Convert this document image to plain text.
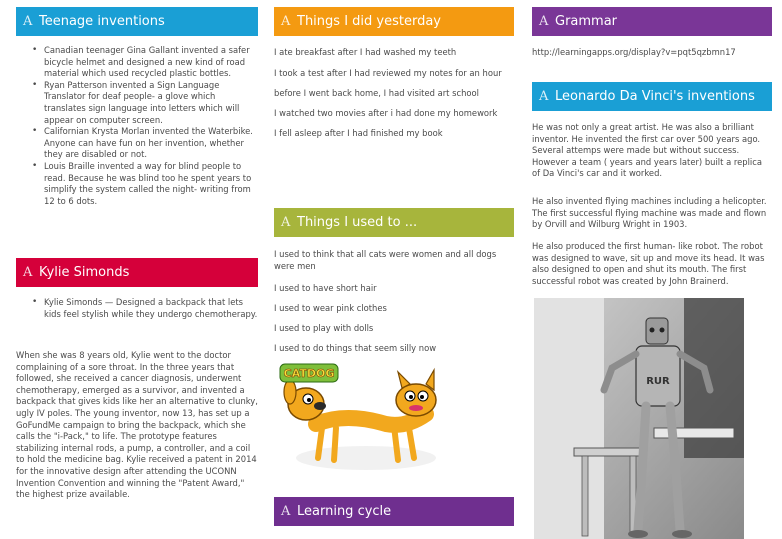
A Teenage inventions
• Canadian teenager Gina Gallant invented a safer bicycle helmet and designed a new kind of road material which used recycled plastic bottles.
• Ryan Patterson invented a Sign Language Translator for deaf people- a glove which translates sign language into letters which will appear on computer screen.
• Californian Krysta Morlan invented the Waterbike. Anyone can have fun on her invention, whether they are disabled or not.
• Louis Braille invented a way for blind people to read. Because he was blind too he spent years to simplify the system called the night- writing from 12 to 6 dots.
A Kylie Simonds
• Kylie Simonds — Designed a backpack that lets kids feel stylish while they undergo chemotherapy.
When she was 8 years old, Kylie went to the doctor complaining of a sore throat. In the three years that followed, she received a cancer diagnosis, underwent chemotherapy, emerged as a survivor, and invented a backpack that gives kids like her an alternative to clunky, ugly IV poles. The young inventor, now 13, has set up a GoFundMe campaign to bring the backpack, which she calls the "i-Pack," to life. The prototype features stabilizing internal rods, a pump, a controller, and a coil to hold the medicine bag. Kylie received a patent in 2014 for the innovative design after attending the UCONN Invention Convention and winning the "Patent Award," the highest prize available.
A Things I did yesterday
I ate breakfast after I had washed my teeth
I took a test after I had reviewed my notes for an hour
before I went back home, I had visited art school
I watched two movies after i had done my homework
I fell asleep after I had finished my book
A Things I used to ...
I used to think that all cats were women and all dogs were men
I used to have short hair
I used to wear pink clothes
I used to play with dolls
I used to do things that seem silly now
CATDOG
A Learning cycle
A Grammar
http://learningapps.org/display?v=pqt5qzbmn17
A Leonardo Da Vinci's inventions
He was not only a great artist. He was also a brilliant inventor. He invented the first car over 500 years ago. Several attemps were made but without success. However a team ( years and years later) built a replica of Da Vinci's car and it worked.
He also invented flying machines including a helicopter. The first successful flying machine was made and flown by Orvill and Wilburg Wright in 1903.
He also produced the first human- like robot. The robot was designed to wave, sit up and move its head. It was also designed to open and shut its mouth. The first successful robot was created by John Brainerd.
RUR
